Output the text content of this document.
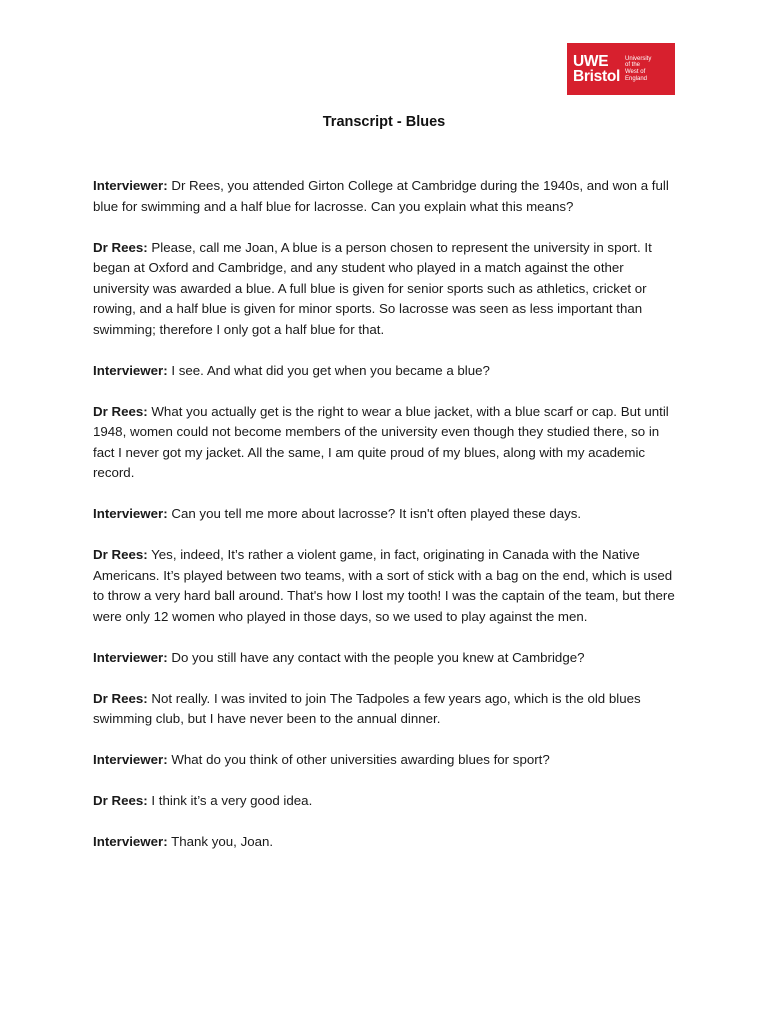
UWE
Bristol
University
of the
West of
England
Transcript - Blues

Interviewer: Dr Rees, you attended Girton College at Cambridge during the 1940s, and won a full blue for swimming and a half blue for lacrosse. Can you explain what this means?

Dr Rees: Please, call me Joan, A blue is a person chosen to represent the university in sport. It began at Oxford and Cambridge, and any student who played in a match against the other university was awarded a blue. A full blue is given for senior sports such as athletics, cricket or rowing, and a half blue is given for minor sports. So lacrosse was seen as less important than swimming; therefore I only got a half blue for that.

Interviewer: I see. And what did you get when you became a blue?

Dr Rees: What you actually get is the right to wear a blue jacket, with a blue scarf or cap. But until 1948, women could not become members of the university even though they studied there, so in fact I never got my jacket. All the same, I am quite proud of my blues, along with my academic record.

Interviewer: Can you tell me more about lacrosse? It isn't often played these days.

Dr Rees: Yes, indeed, It’s rather a violent game, in fact, originating in Canada with the Native Americans. It’s played between two teams, with a sort of stick with a bag on the end, which is used to throw a very hard ball around. That's how I lost my tooth! I was the captain of the team, but there were only 12 women who played in those days, so we used to play against the men.

Interviewer: Do you still have any contact with the people you knew at Cambridge?

Dr Rees: Not really. I was invited to join The Tadpoles a few years ago, which is the old blues swimming club, but I have never been to the annual dinner.

Interviewer: What do you think of other universities awarding blues for sport?

Dr Rees: I think it’s a very good idea.

Interviewer: Thank you, Joan.
